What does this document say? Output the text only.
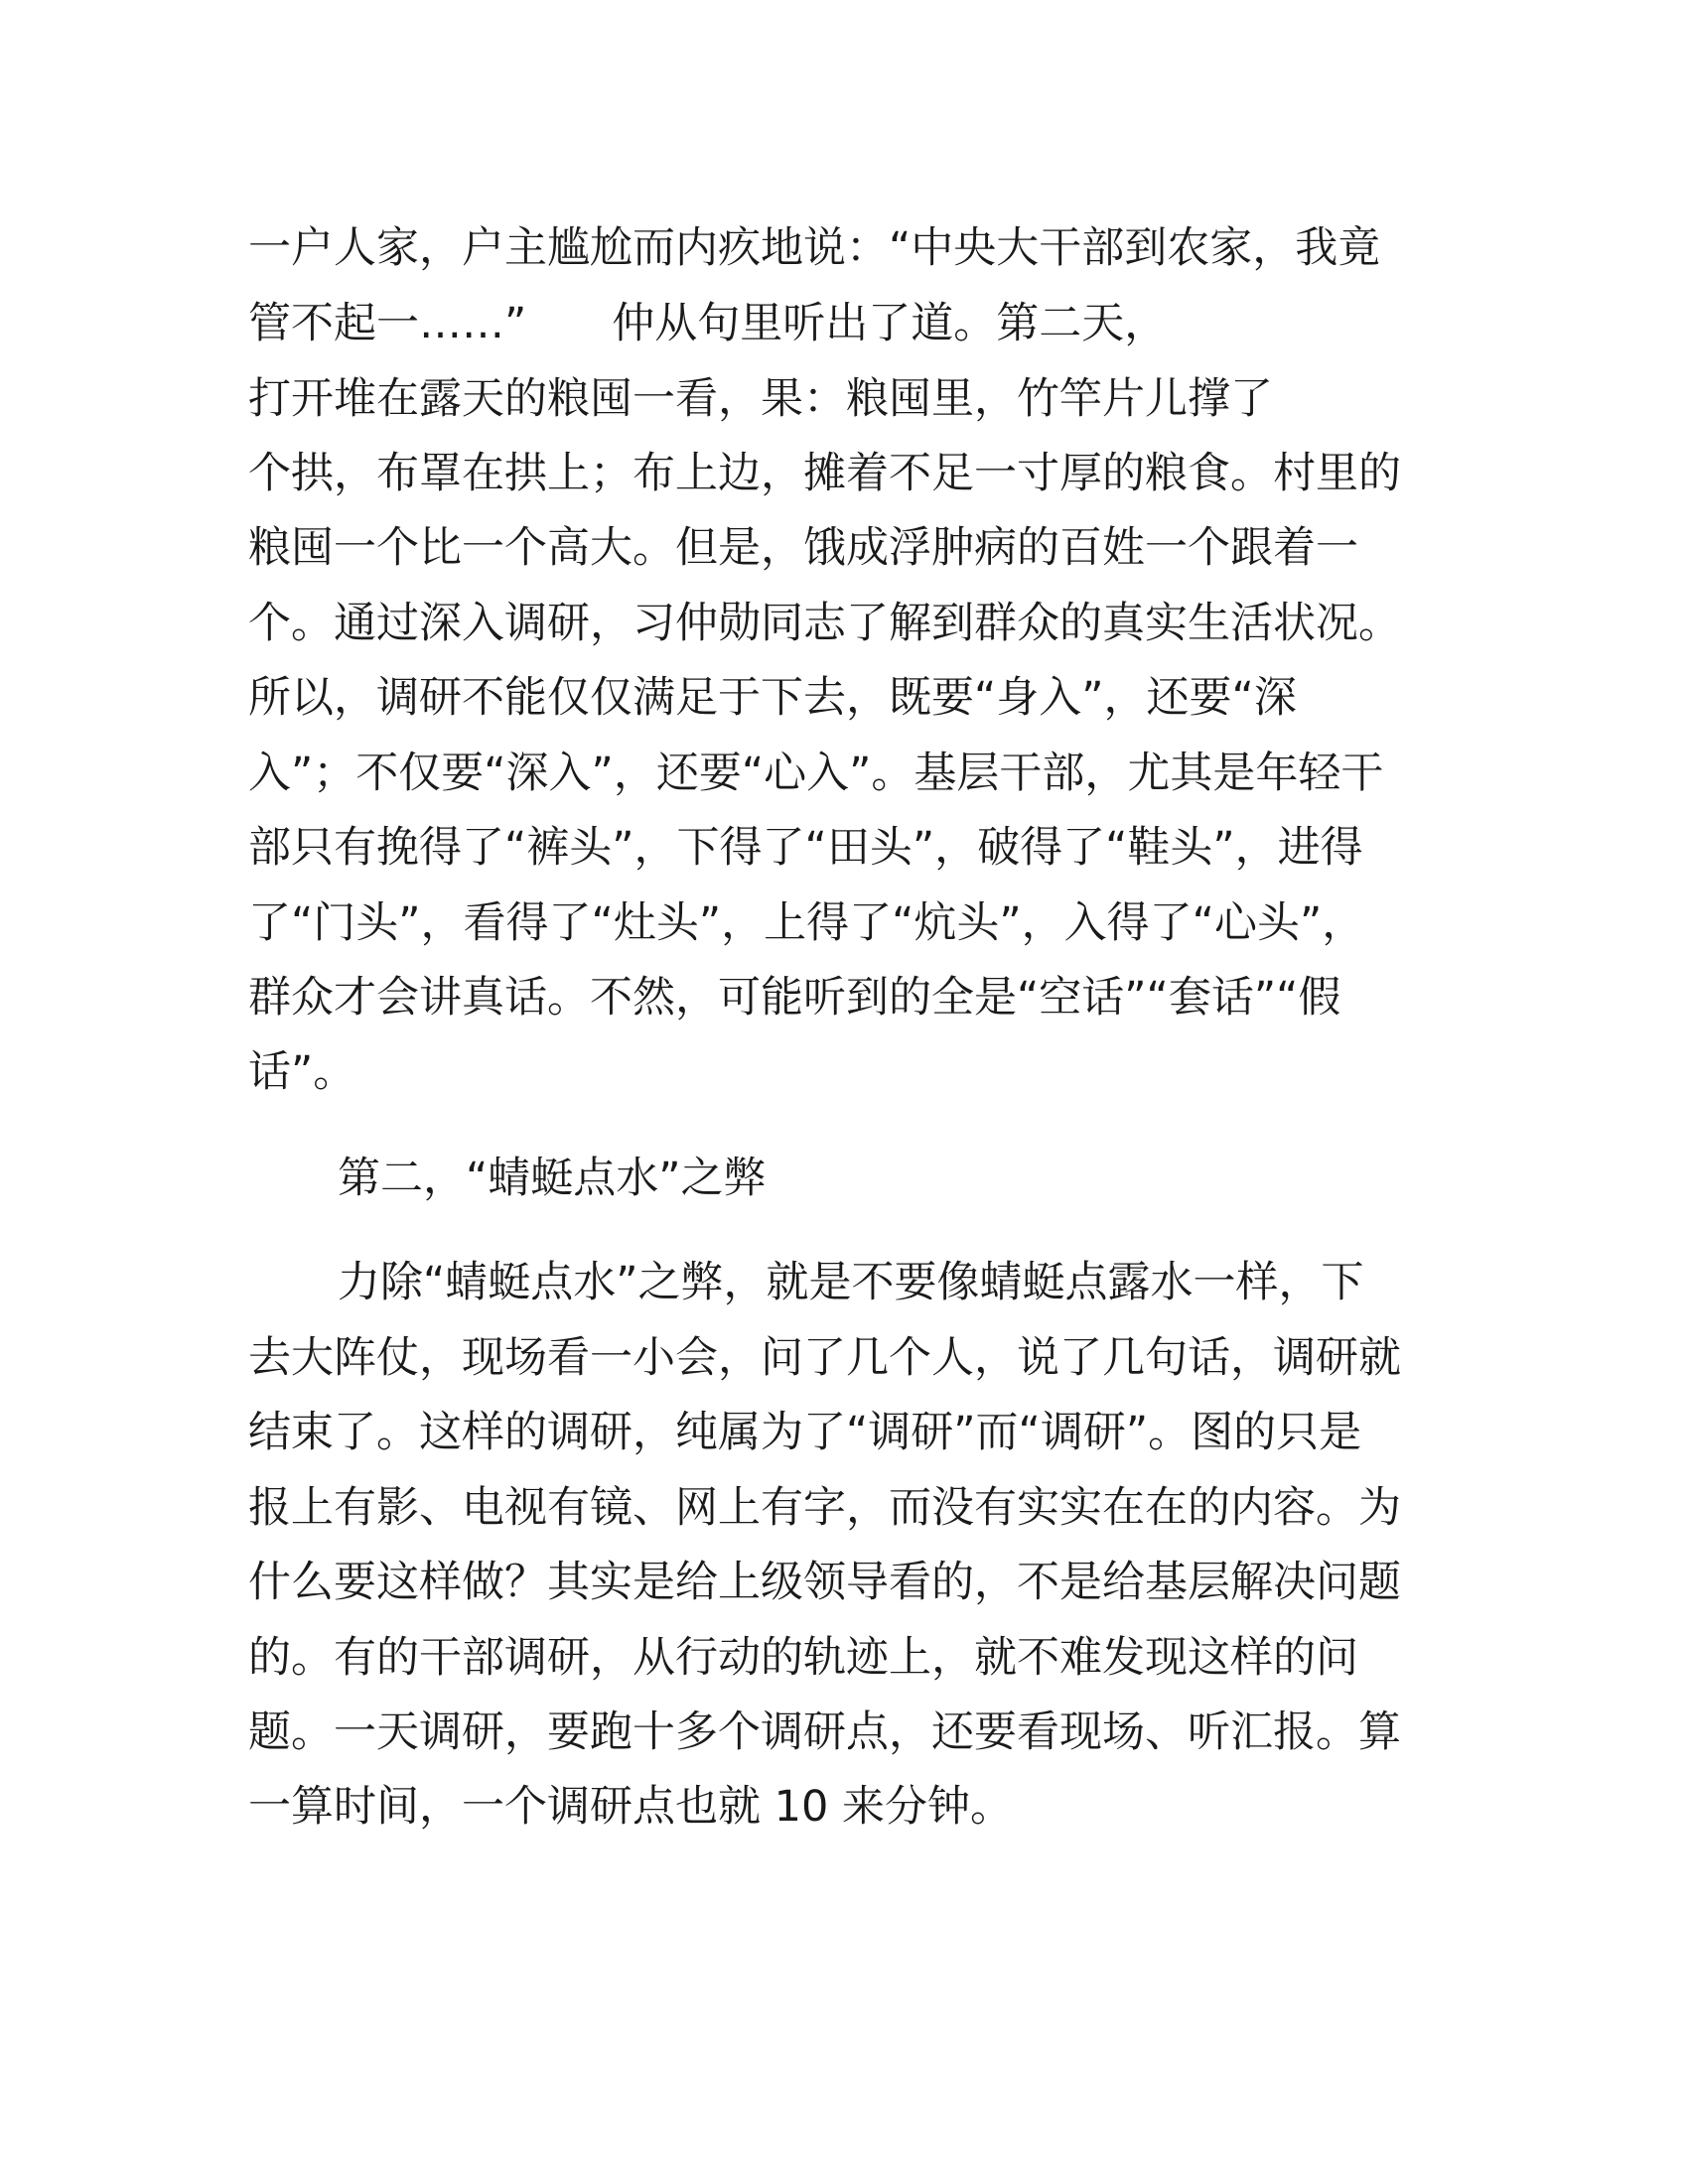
一户人家，户主尴尬而内疚地说：“中央大干部到农家，我竟
管不起一……”　　仲从句里听出了道。第二天，
打开堆在露天的粮囤一看，果：粮囤里，竹竿片儿撑了
个拱，布罩在拱上；布上边，摊着不足一寸厚的粮食。村里的
粮囤一个比一个高大。但是，饿成浮肿病的百姓一个跟着一
个。通过深入调研，习仲勋同志了解到群众的真实生活状况。
所以，调研不能仅仅满足于下去，既要“身入”，还要“深
入”；不仅要“深入”，还要“心入”。基层干部，尤其是年轻干
部只有挽得了“裤头”，下得了“田头”，破得了“鞋头”，进得
了“门头”，看得了“灶头”，上得了“炕头”，入得了“心头”，
群众才会讲真话。不然，可能听到的全是“空话”“套话”“假
话”。
第二，“蜻蜓点水”之弊
力除“蜻蜓点水”之弊，就是不要像蜻蜓点露水一样，下
去大阵仗，现场看一小会，问了几个人，说了几句话，调研就
结束了。这样的调研，纯属为了“调研”而“调研”。图的只是
报上有影、电视有镜、网上有字，而没有实实在在的内容。为
什么要这样做？其实是给上级领导看的，不是给基层解决问题
的。有的干部调研，从行动的轨迹上，就不难发现这样的问
题。一天调研，要跑十多个调研点，还要看现场、听汇报。算
一算时间，一个调研点也就 10 来分钟。
